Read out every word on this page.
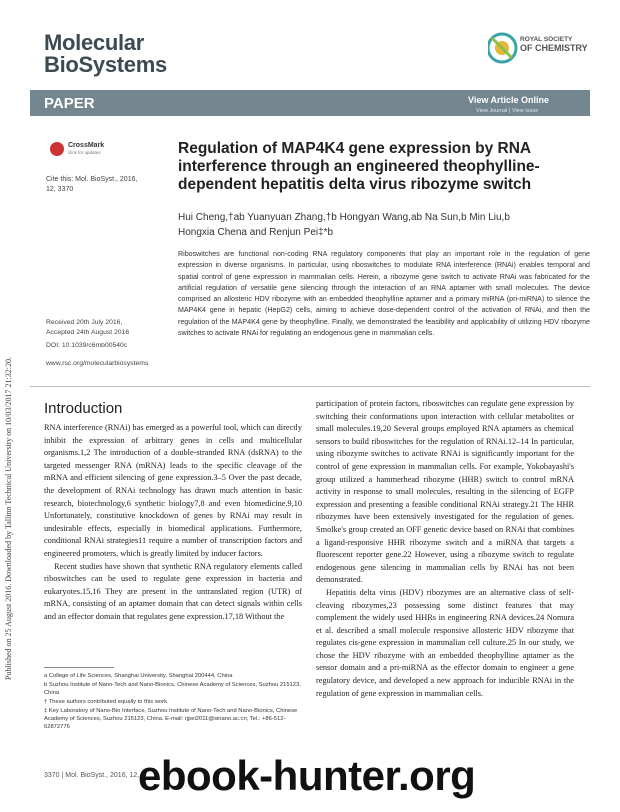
Molecular
BioSystems
ROYAL SOCIETY
OF CHEMISTRY
PAPER	View Article Online
View Journal | View Issue
Published on 25 August 2016. Downloaded by Tallinn Technical University on 10/03/2017 21:32:20.
CrossMark
click for updates
Cite this: Mol. BioSyst., 2016,
12, 3370
Regulation of MAP4K4 gene expression by RNA interference through an engineered theophylline-dependent hepatitis delta virus ribozyme switch
Hui Cheng,†ab Yuanyuan Zhang,†b Hongyan Wang,ab Na Sun,b Min Liu,b
Hongxia Chena and Renjun Pei‡*b
Riboswitches are functional non-coding RNA regulatory components that play an important role in the regulation of gene expression in diverse organisms. In particular, using riboswitches to modulate RNA interference (RNAi) enables temporal and spatial control of gene expression in mammalian cells. Herein, a ribozyme gene switch to activate RNAi was fabricated for the artificial regulation of versatile gene silencing through the interaction of an RNA aptamer with small molecules. The device comprised an allosteric HDV ribozyme with an embedded theophylline aptamer and a primary miRNA (pri-miRNA) to silence the MAP4K4 gene in hepatic (HepG2) cells, aiming to achieve dose-dependent control of the activation of RNAi, and then the regulation of the MAP4K4 gene by theophylline. Finally, we demonstrated the feasibility and applicability of utilizing HDV ribozyme switches to activate RNAi for regulating an endogenous gene in mammalian cells.
Received 20th July 2016,
Accepted 24th August 2016
DOI: 10.1039/c6mb00540c
www.rsc.org/molecularbiosystems
Introduction

RNA interference (RNAi) has emerged as a powerful tool, which can directly inhibit the expression of arbitrary genes in cells and multicellular organisms.1,2 The introduction of a double-stranded RNA (dsRNA) to the targeted messenger RNA (mRNA) leads to the specific cleavage of the mRNA and efficient silencing of gene expression.3–5 Over the past decade, the development of RNAi technology has drawn much attention in basic research, biotechnology,6 synthetic biology7,8 and even biomedicine.9,10 Unfortunately, constitutive knockdown of genes by RNAi may result in undesirable effects, especially in biomedical applications. Furthermore, conditional RNAi strategies11 require a number of transcription factors and engineered promoters, which is greatly limited by inducer factors.

Recent studies have shown that synthetic RNA regulatory elements called riboswitches can be used to regulate gene expression in bacteria and eukaryotes.15,16 They are present in the untranslated region (UTR) of mRNA, consisting of an aptamer domain that can detect signals within cells and an effector domain that regulates gene expression.17,18 Without the

participation of protein factors, riboswitches can regulate gene expression by switching their conformations upon interaction with cellular metabolites or small molecules.19,20 Several groups employed RNA aptamers as chemical sensors to build riboswitches for the regulation of RNAi.12–14 In particular, using ribozyme switches to activate RNAi is significantly important for the control of gene expression in mammalian cells. For example, Yokobayashi's group utilized a hammerhead ribozyme (HHR) switch to control mRNA activity in response to small molecules, resulting in the silencing of EGFP expression and presenting a feasible conditional RNAi strategy.21 The HHR ribozymes have been extensively investigated for the regulation of genes. Smolke's group created an OFF genetic device based on RNAi that combines a ligand-responsive HHR ribozyme switch and a miRNA that targets a fluorescent reporter gene.22 However, using a ribozyme switch to regulate endogenous gene silencing in mammalian cells by RNAi has not been demonstrated.

Hepatitis delta virus (HDV) ribozymes are an alternative class of self-cleaving ribozymes,23 possessing some distinct features that may complement the widely used HHRs in engineering RNA devices.24 Nomura et al. described a small molecule responsive allosteric HDV ribozyme that regulates cis-gene expression in mammalian cell culture.25 In our study, we chose the HDV ribozyme with an embedded theophylline aptamer as the sensor domain and a pri-miRNA as the effector domain to engineer a gene regulatory device, and developed a new approach for inducible RNAi in the regulation of gene expression in mammalian cells.

a College of Life Sciences, Shanghai University, Shanghai 200444, China
b Suzhou Institute of Nano-Tech and Nano-Bionics, Chinese Academy of Sciences, Suzhou 215123, China
† These authors contributed equally to this work.
‡ Key Laboratory of Nano-Bio Interface, Suzhou Institute of Nano-Tech and Nano-Bionics, Chinese Academy of Sciences, Suzhou 215123, China. E-mail: rjpei2011@sinano.ac.cn; Tel.: +86-512-62872776
3370 | Mol. BioSyst., 2016, 12,
ebook-hunter.org
